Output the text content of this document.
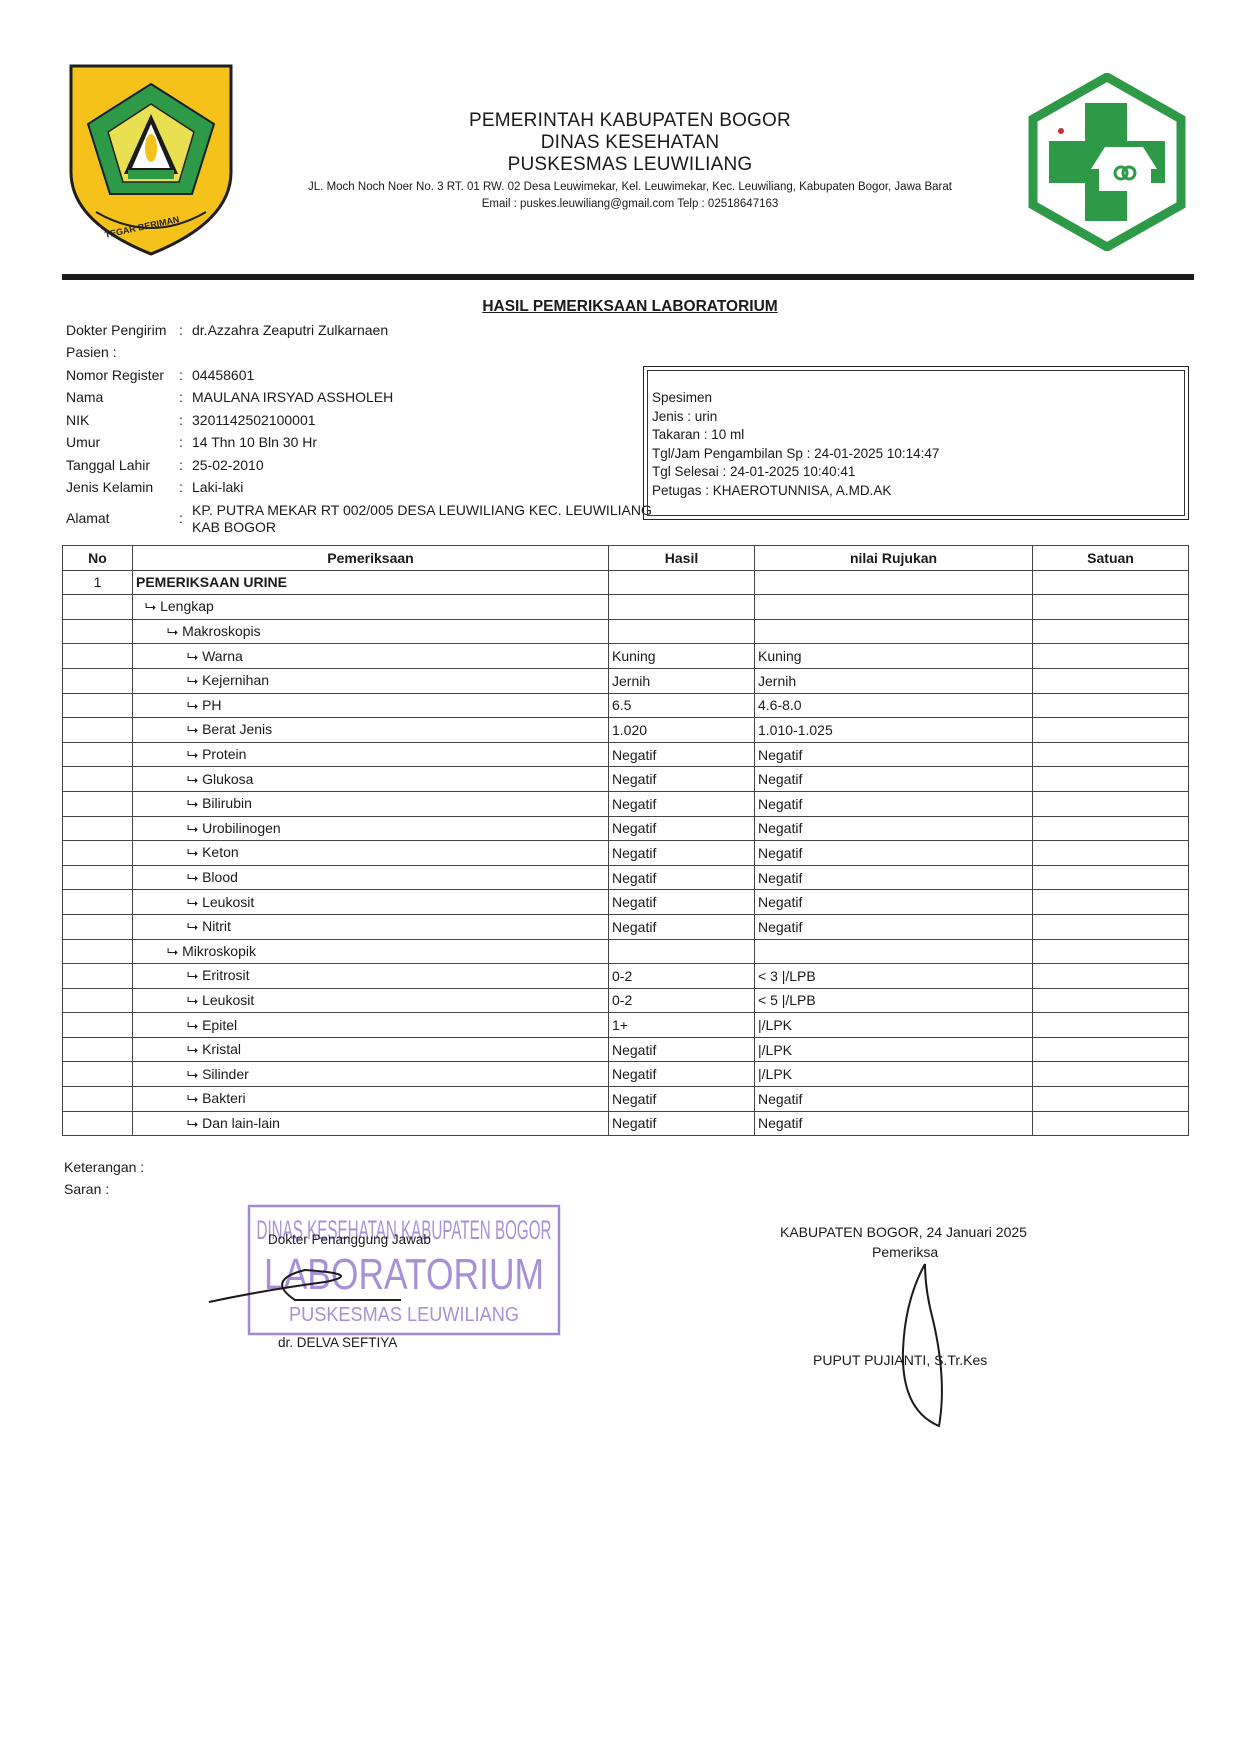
TEGAR BERIMAN
PEMERINTAH KABUPATEN BOGOR
DINAS KESEHATAN
PUSKESMAS LEUWILIANG
JL. Moch Noch Noer No. 3 RT. 01 RW. 02 Desa Leuwimekar, Kel. Leuwimekar, Kec. Leuwiliang, Kabupaten Bogor, Jawa Barat
Email : puskes.leuwiliang@gmail.com Telp : 02518647163
HASIL PEMERIKSAAN LABORATORIUM
Dokter Pengirim : dr.Azzahra Zeaputri Zulkarnaen
Pasien :
Nomor Register : 04458601
Nama	: MAULANA IRSYAD ASSHOLEH
NIK	: 3201142502100001
Umur	: 14 Thn 10 Bln 30 Hr
Tanggal Lahir : 25-02-2010
Jenis Kelamin : Laki-laki
Alamat	: KP. PUTRA MEKAR RT 002/005 DESA LEUWILIANG KEC. LEUWILIANG
KAB BOGOR
Spesimen
Jenis : urin
Takaran : 10 ml
Tgl/Jam Pengambilan Sp : 24-01-2025 10:14:47
Tgl Selesai : 24-01-2025 10:40:41
Petugas : KHAEROTUNNISA, A.MD.AK
No	Pemeriksaan	Hasil	nilai Rujukan	Satuan
1	PEMERIKSAAN URINE			
	⮡ Lengkap			
	⮡ Makroskopis			
	⮡ Warna	Kuning	Kuning	
	⮡ Kejernihan	Jernih	Jernih	
	⮡ PH	6.5	4.6-8.0	
	⮡ Berat Jenis	1.020	1.010-1.025	
	⮡ Protein	Negatif	Negatif	
	⮡ Glukosa	Negatif	Negatif	
	⮡ Bilirubin	Negatif	Negatif	
	⮡ Urobilinogen	Negatif	Negatif	
	⮡ Keton	Negatif	Negatif	
	⮡ Blood	Negatif	Negatif	
	⮡ Leukosit	Negatif	Negatif	
	⮡ Nitrit	Negatif	Negatif	
	⮡ Mikroskopik			
	⮡ Eritrosit	0-2	< 3 |/LPB	
	⮡ Leukosit	0-2	< 5 |/LPB	
	⮡ Epitel	1+	|/LPK	
	⮡ Kristal	Negatif	|/LPK	
	⮡ Silinder	Negatif	|/LPK	
	⮡ Bakteri	Negatif	Negatif	
	⮡ Dan lain-lain	Negatif	Negatif	
Keterangan :
Saran :
DINAS KESEHATAN KABUPATEN BOGOR
LABORATORIUM
PUSKESMAS LEUWILIANG
Dokter Penanggung Jawab
dr. DELVA SEFTIYA
KABUPATEN BOGOR, 24 Januari 2025
Pemeriksa
PUPUT PUJIANTI, S.Tr.Kes
